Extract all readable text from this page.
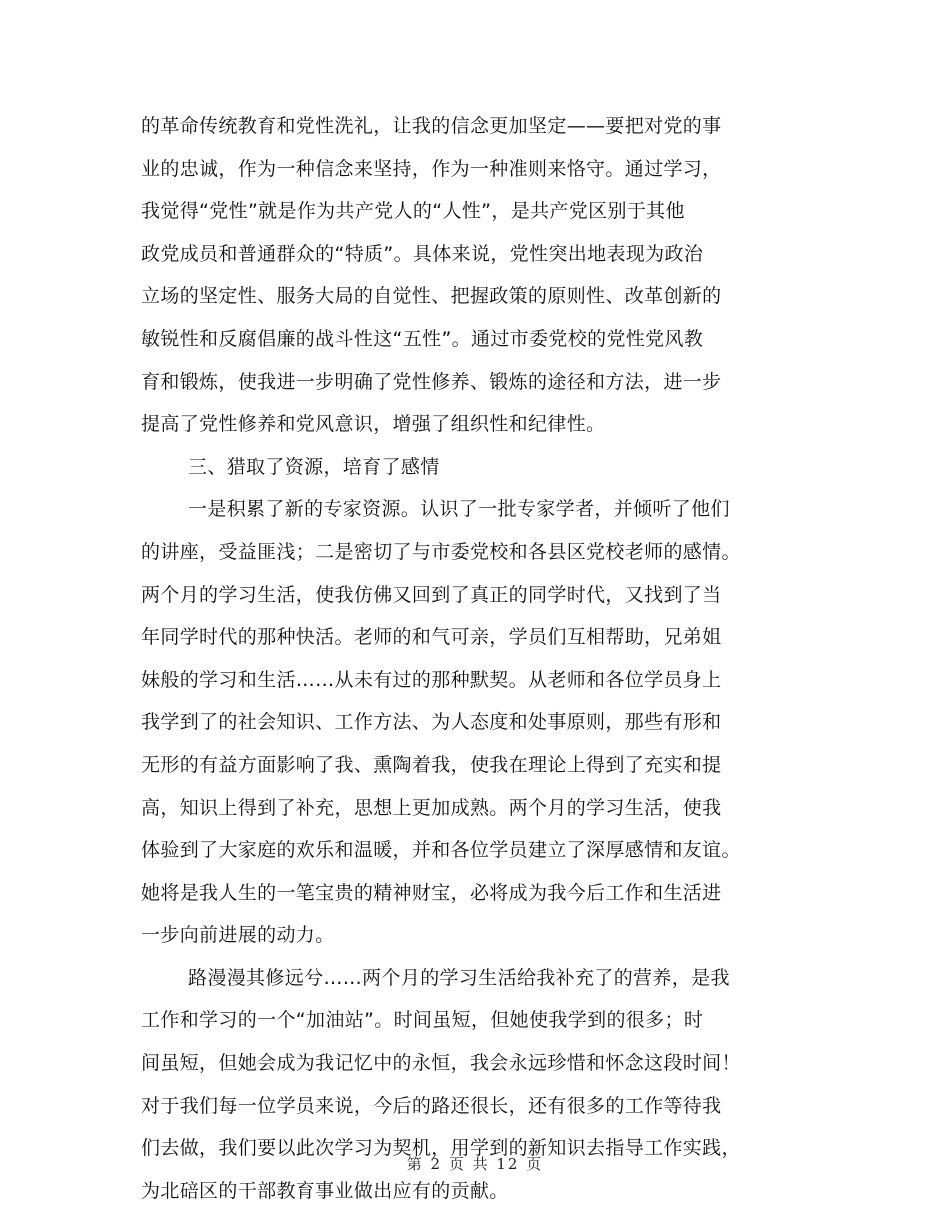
的革命传统教育和党性洗礼，让我的信念更加坚定——要把对党的事
业的忠诚，作为一种信念来坚持，作为一种准则来恪守。通过学习，
我觉得“党性”就是作为共产党人的“人性”，是共产党区别于其他
政党成员和普通群众的“特质”。具体来说，党性突出地表现为政治
立场的坚定性、服务大局的自觉性、把握政策的原则性、改革创新的
敏锐性和反腐倡廉的战斗性这“五性”。通过市委党校的党性党风教
育和锻炼，使我进一步明确了党性修养、锻炼的途径和方法，进一步
提高了党性修养和党风意识，增强了组织性和纪律性。
三、猎取了资源，培育了感情
一是积累了新的专家资源。认识了一批专家学者，并倾听了他们
的讲座，受益匪浅；二是密切了与市委党校和各县区党校老师的感情。
两个月的学习生活，使我仿佛又回到了真正的同学时代，又找到了当
年同学时代的那种快活。老师的和气可亲，学员们互相帮助，兄弟姐
妹般的学习和生活……从未有过的那种默契。从老师和各位学员身上
我学到了的社会知识、工作方法、为人态度和处事原则，那些有形和
无形的有益方面影响了我、熏陶着我，使我在理论上得到了充实和提
高，知识上得到了补充，思想上更加成熟。两个月的学习生活，使我
体验到了大家庭的欢乐和温暖，并和各位学员建立了深厚感情和友谊。
她将是我人生的一笔宝贵的精神财宝，必将成为我今后工作和生活进
一步向前进展的动力。
路漫漫其修远兮……两个月的学习生活给我补充了的营养，是我
工作和学习的一个“加油站”。时间虽短，但她使我学到的很多；时
间虽短，但她会成为我记忆中的永恒，我会永远珍惜和怀念这段时间！
对于我们每一位学员来说，今后的路还很长，还有很多的工作等待我
们去做，我们要以此次学习为契机，用学到的新知识去指导工作实践，
为北碚区的干部教育事业做出应有的贡献。
第 2 页 共 12 页
